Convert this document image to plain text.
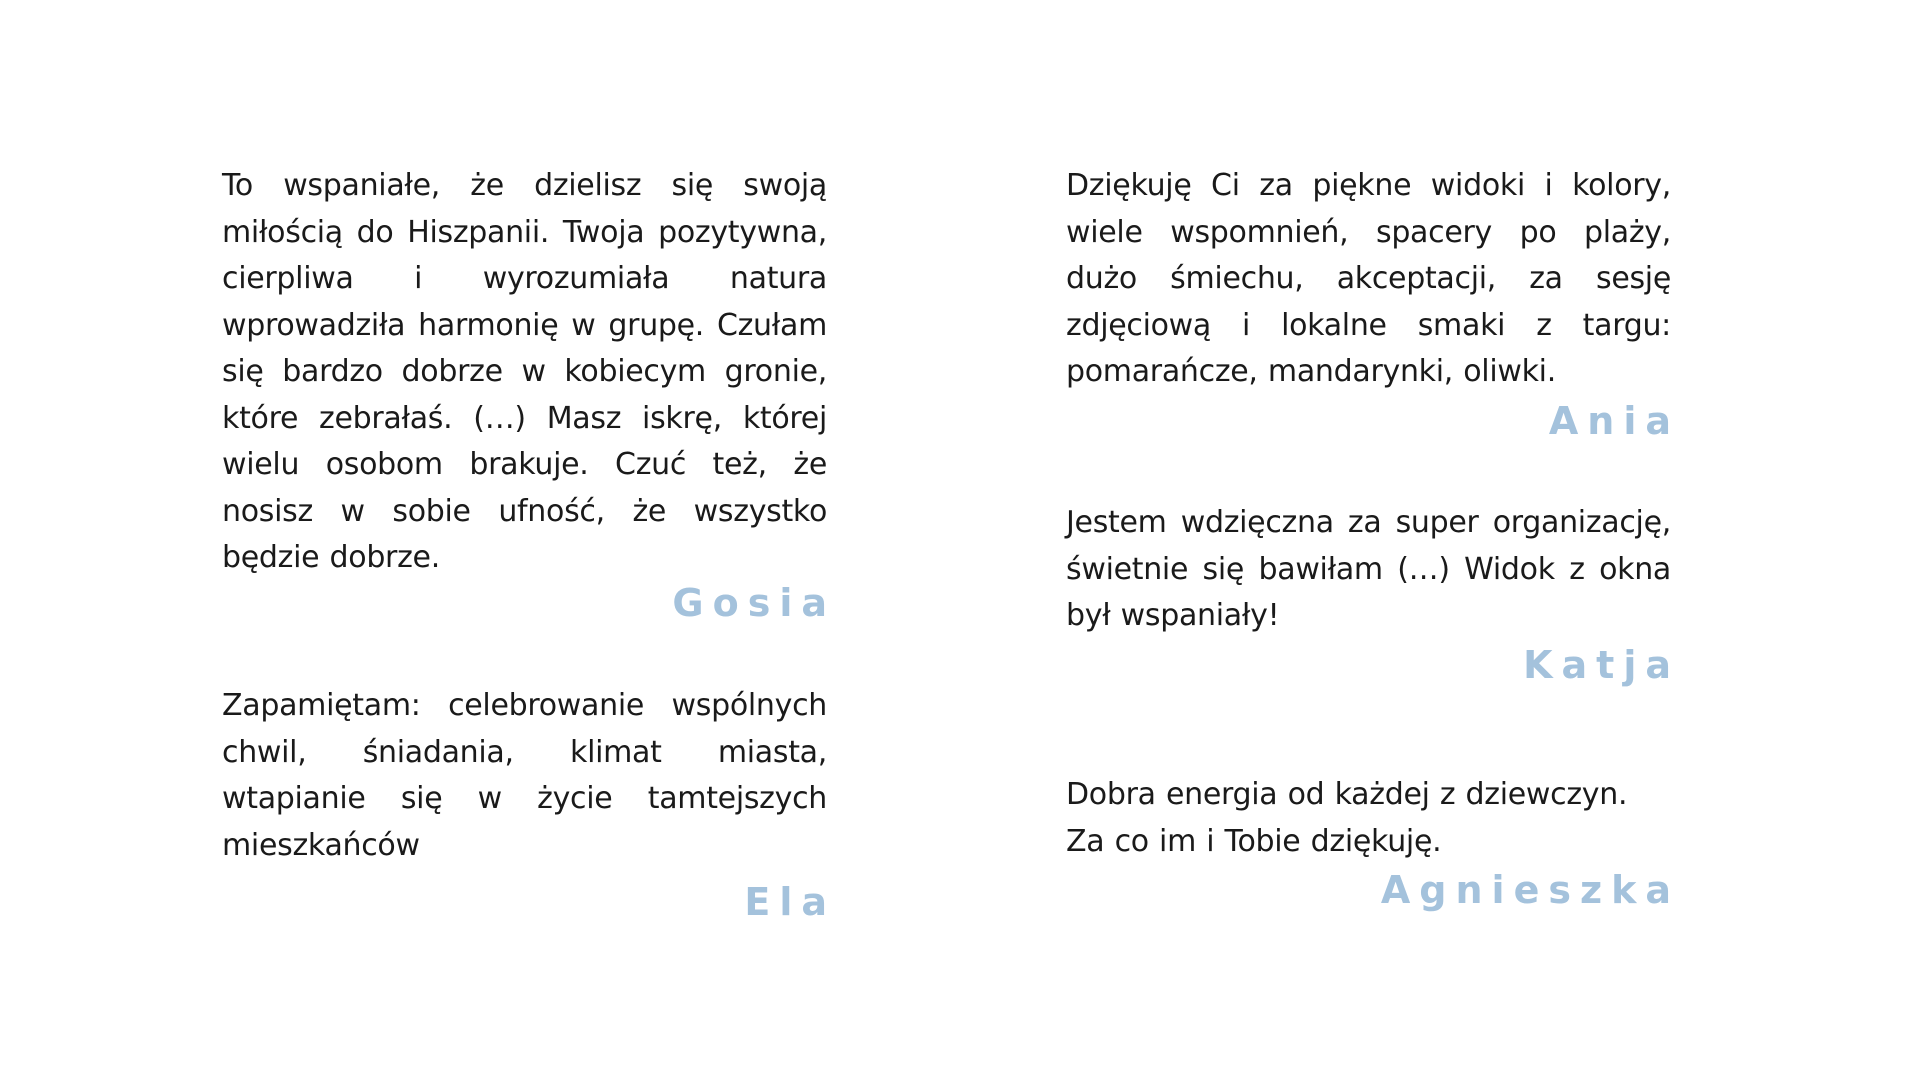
To wspaniałe, że dzielisz się swoją miłością do Hiszpanii. Twoja pozytywna, cierpliwa i wyrozumiała natura wprowadziła harmonię w grupę. Czułam się bardzo dobrze w kobiecym gronie, które zebrałaś. (…) Masz iskrę, której wielu osobom brakuje. Czuć też, że nosisz w sobie ufność, że wszystko będzie dobrze.

Gosia

Zapamiętam: celebrowanie wspólnych chwil, śniadania, klimat miasta, wtapianie się w życie tamtejszych mieszkańców

Ela

Dziękuję Ci za piękne widoki i kolory, wiele wspomnień, spacery po plaży, dużo śmiechu, akceptacji, za sesję zdjęciową i lokalne smaki z targu: pomarańcze, mandarynki, oliwki.

Ania

Jestem wdzięczna za super organizację, świetnie się bawiłam (…) Widok z okna był wspaniały!

Katja

Dobra energia od każdej z dziewczyn.

Za co im i Tobie dziękuję.

Agnieszka
